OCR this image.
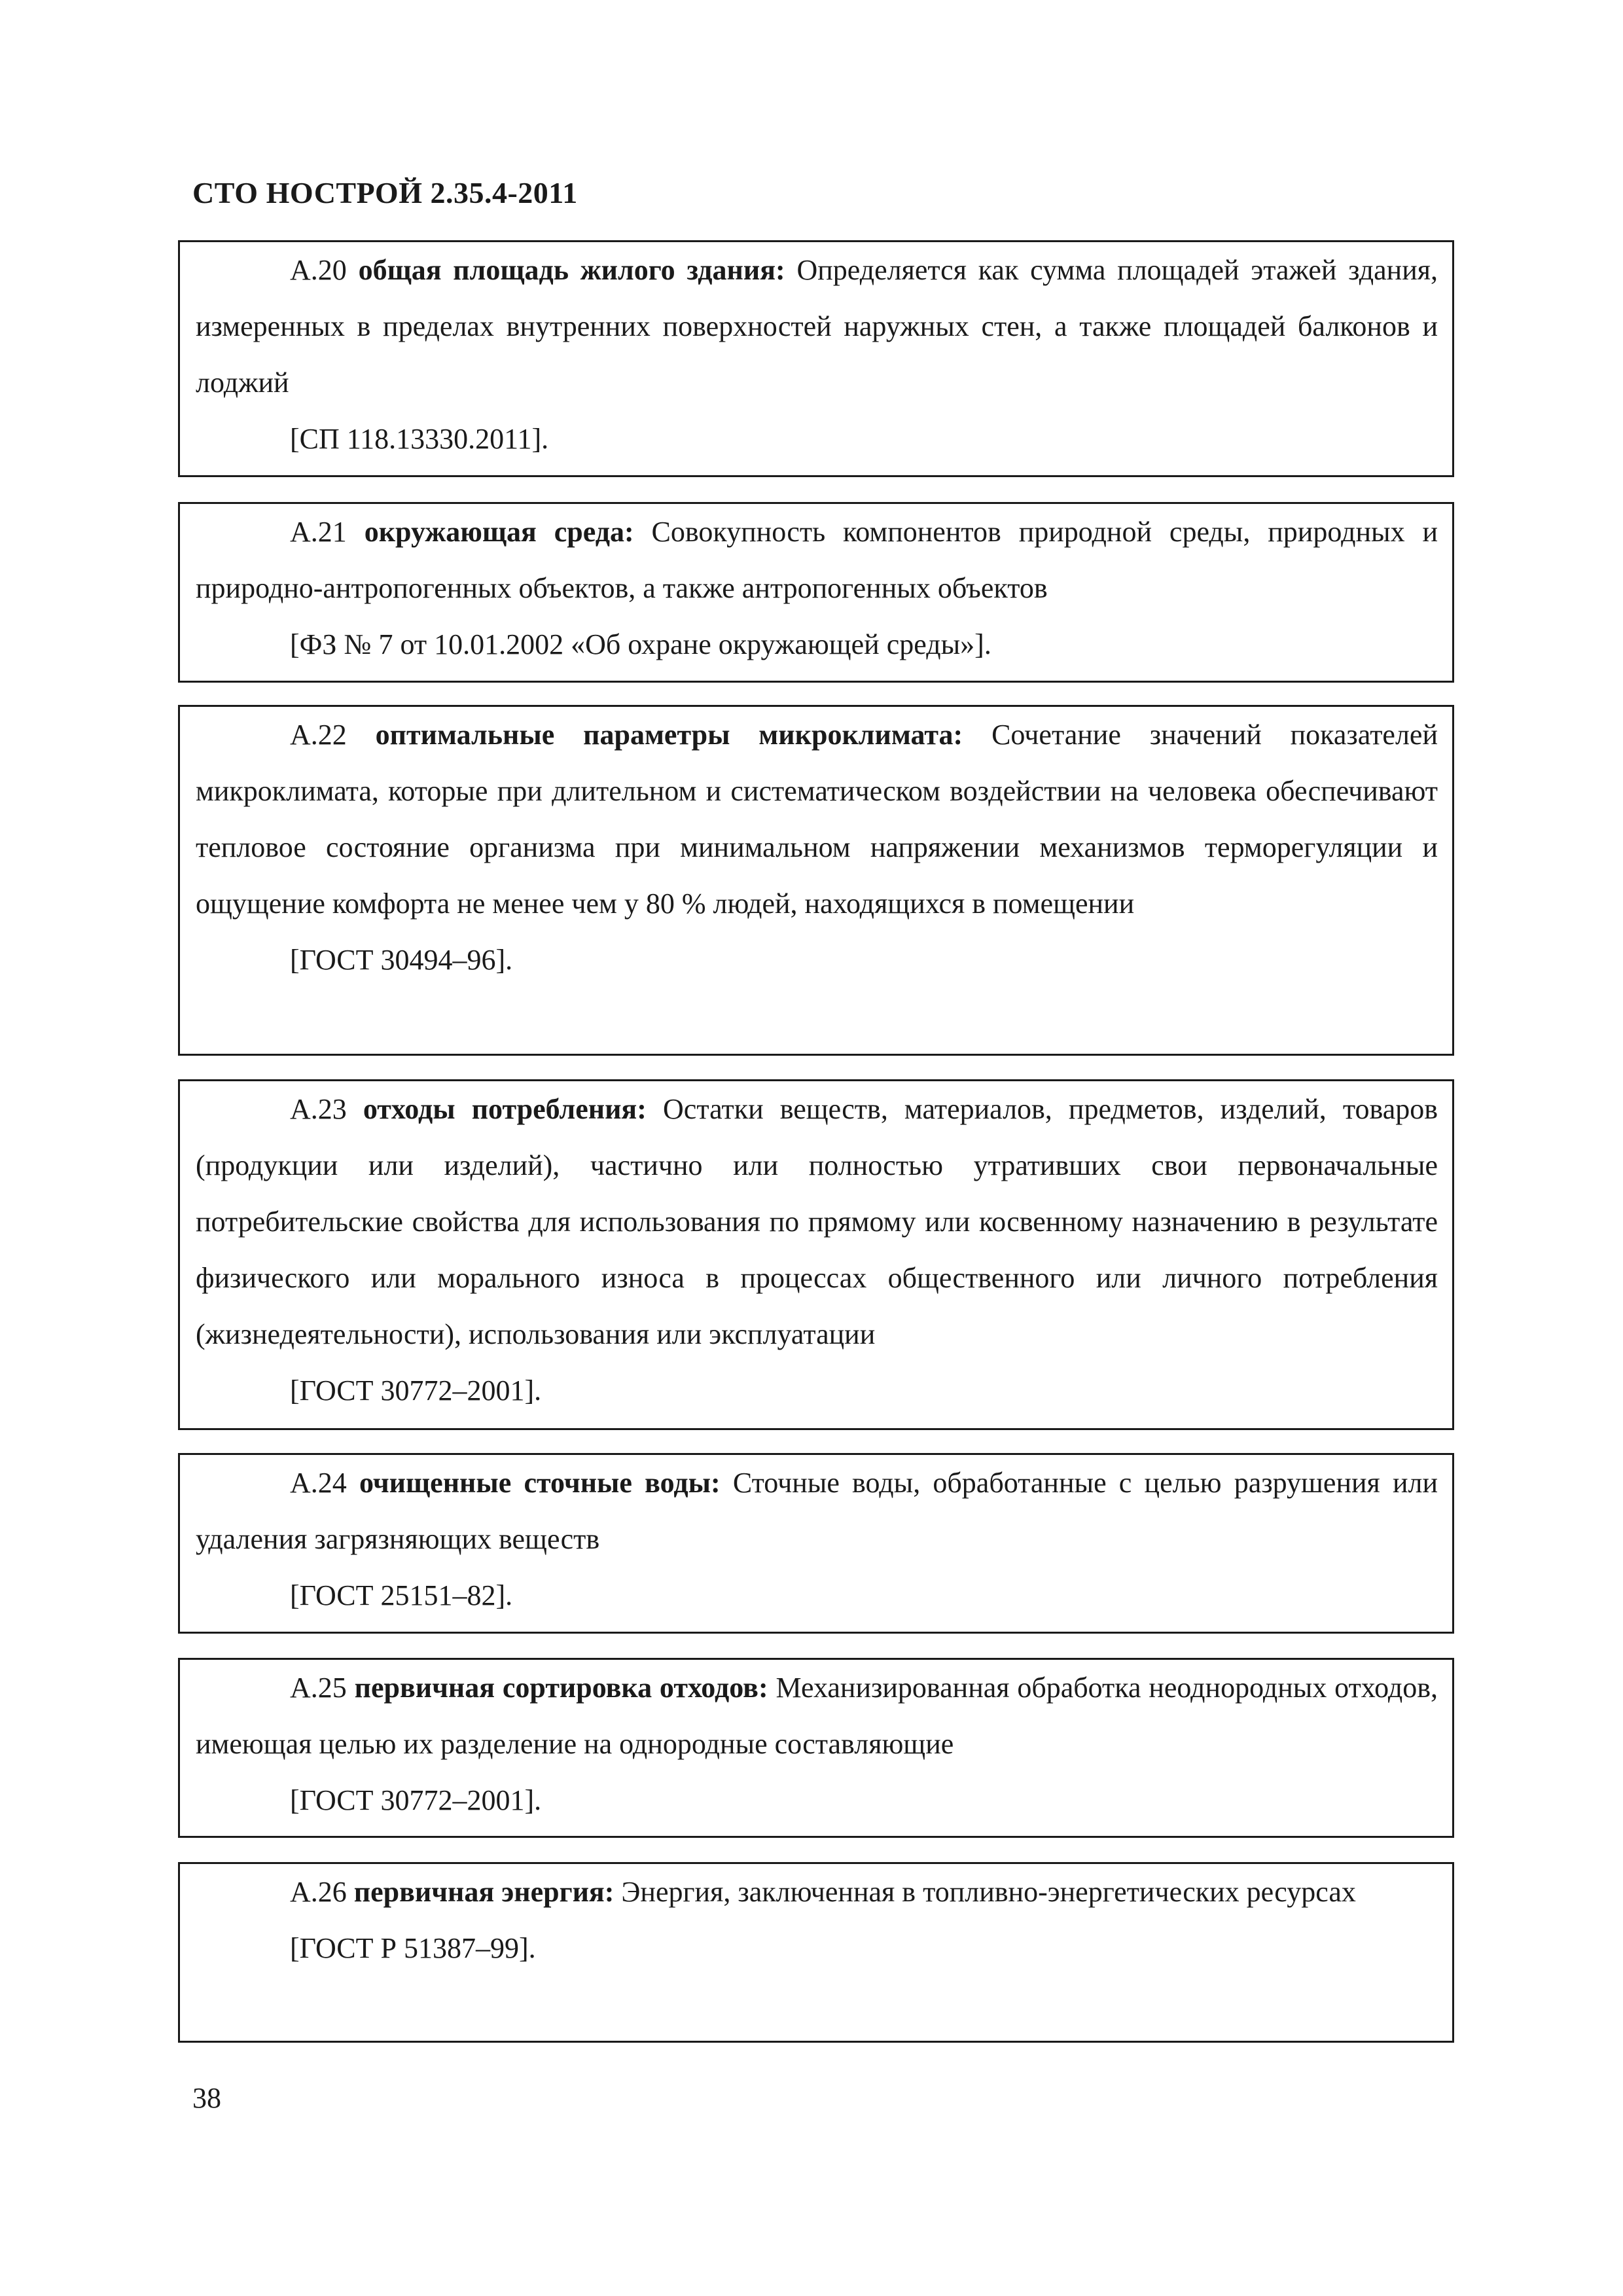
СТО НОСТРОЙ 2.35.4-2011

А.20 общая площадь жилого здания: Определяется как сумма площадей этажей здания, измеренных в пределах внутренних поверхностей наружных стен, а также площадей балконов и лоджий

[СП 118.13330.2011].

А.21 окружающая среда: Совокупность компонентов природной среды, природных и природно-антропогенных объектов, а также антропогенных объектов

[ФЗ № 7 от 10.01.2002 «Об охране окружающей среды»].

А.22 оптимальные параметры микроклимата: Сочетание значений показателей микроклимата, которые при длительном и систематическом воздействии на человека обеспечивают тепловое состояние организма при минимальном напряжении механизмов терморегуляции и ощущение комфорта не менее чем у 80 % людей, находящихся в помещении

[ГОСТ 30494–96].

А.23 отходы потребления: Остатки веществ, материалов, предметов, изделий, товаров (продукции или изделий), частично или полностью утративших свои первоначальные потребительские свойства для использования по прямому или косвенному назначению в результате физического или морального износа в процессах общественного или личного потребления (жизнедеятельности), использования или эксплуатации

[ГОСТ 30772–2001].

А.24 очищенные сточные воды: Сточные воды, обработанные с целью разрушения или удаления загрязняющих веществ

[ГОСТ 25151–82].

А.25 первичная сортировка отходов: Механизированная обработка неоднородных отходов, имеющая целью их разделение на однородные составляющие

[ГОСТ 30772–2001].

А.26 первичная энергия: Энергия, заключенная в топливно-энергетических ресурсах

[ГОСТ Р 51387–99].

38
